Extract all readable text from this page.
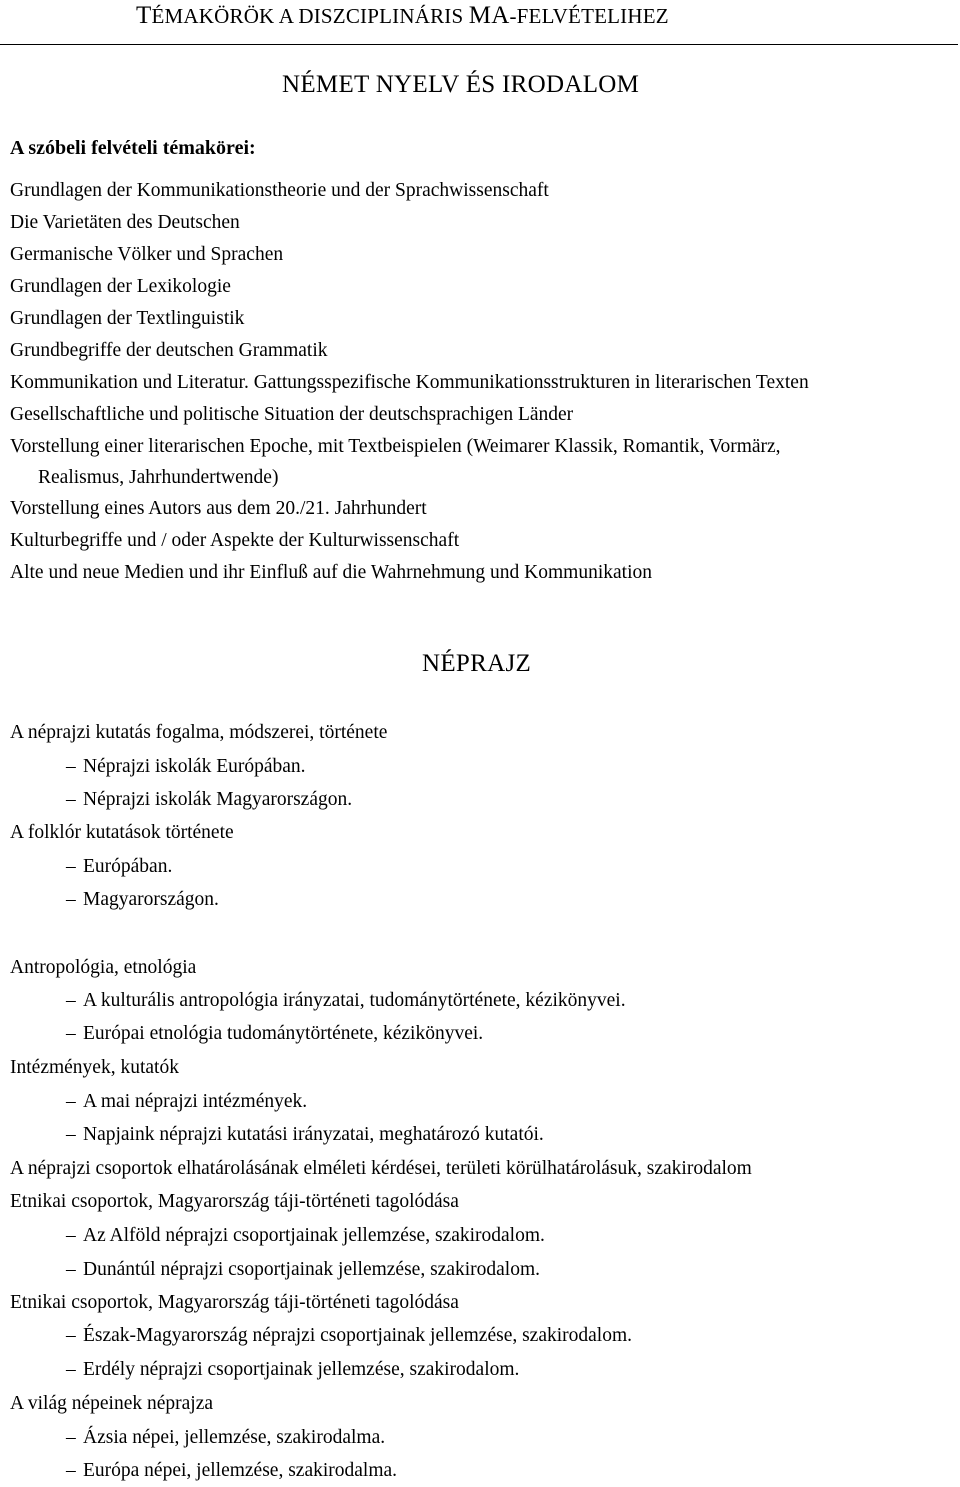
TÉMAKÖRÖK A DISZCIPLINÁRIS MA-FELVÉTELIHEZ
NÉMET NYELV ÉS IRODALOM
A szóbeli felvételi témakörei:
Grundlagen der Kommunikationstheorie und der Sprachwissenschaft
Die Varietäten des Deutschen
Germanische Völker und Sprachen
Grundlagen der Lexikologie
Grundlagen der Textlinguistik
Grundbegriffe der deutschen Grammatik
Kommunikation und Literatur. Gattungsspezifische Kommunikationsstrukturen in literarischen Texten
Gesellschaftliche und politische Situation der deutschsprachigen Länder
Vorstellung einer literarischen Epoche, mit Textbeispielen (Weimarer Klassik, Romantik, Vormärz,
Realismus, Jahrhundertwende)
Vorstellung eines Autors aus dem 20./21. Jahrhundert
Kulturbegriffe und / oder Aspekte der Kulturwissenschaft
Alte und neue Medien und ihr Einfluß auf die Wahrnehmung und Kommunikation
NÉPRAJZ
A néprajzi kutatás fogalma, módszerei, története
– Néprajzi iskolák Európában.
– Néprajzi iskolák Magyarországon.
A folklór kutatások története
– Európában.
– Magyarországon.
Antropológia, etnológia
– A kulturális antropológia irányzatai, tudománytörténete, kézikönyvei.
– Európai etnológia tudománytörténete, kézikönyvei.
Intézmények, kutatók
– A mai néprajzi intézmények.
– Napjaink néprajzi kutatási irányzatai, meghatározó kutatói.
A néprajzi csoportok elhatárolásának elméleti kérdései, területi körülhatárolásuk, szakirodalom
Etnikai csoportok, Magyarország táji-történeti tagolódása
– Az Alföld néprajzi csoportjainak jellemzése, szakirodalom.
– Dunántúl néprajzi csoportjainak jellemzése, szakirodalom.
Etnikai csoportok, Magyarország táji-történeti tagolódása
– Észak-Magyarország néprajzi csoportjainak jellemzése, szakirodalom.
– Erdély néprajzi csoportjainak jellemzése, szakirodalom.
A világ népeinek néprajza
– Ázsia népei, jellemzése, szakirodalma.
– Európa népei, jellemzése, szakirodalma.
